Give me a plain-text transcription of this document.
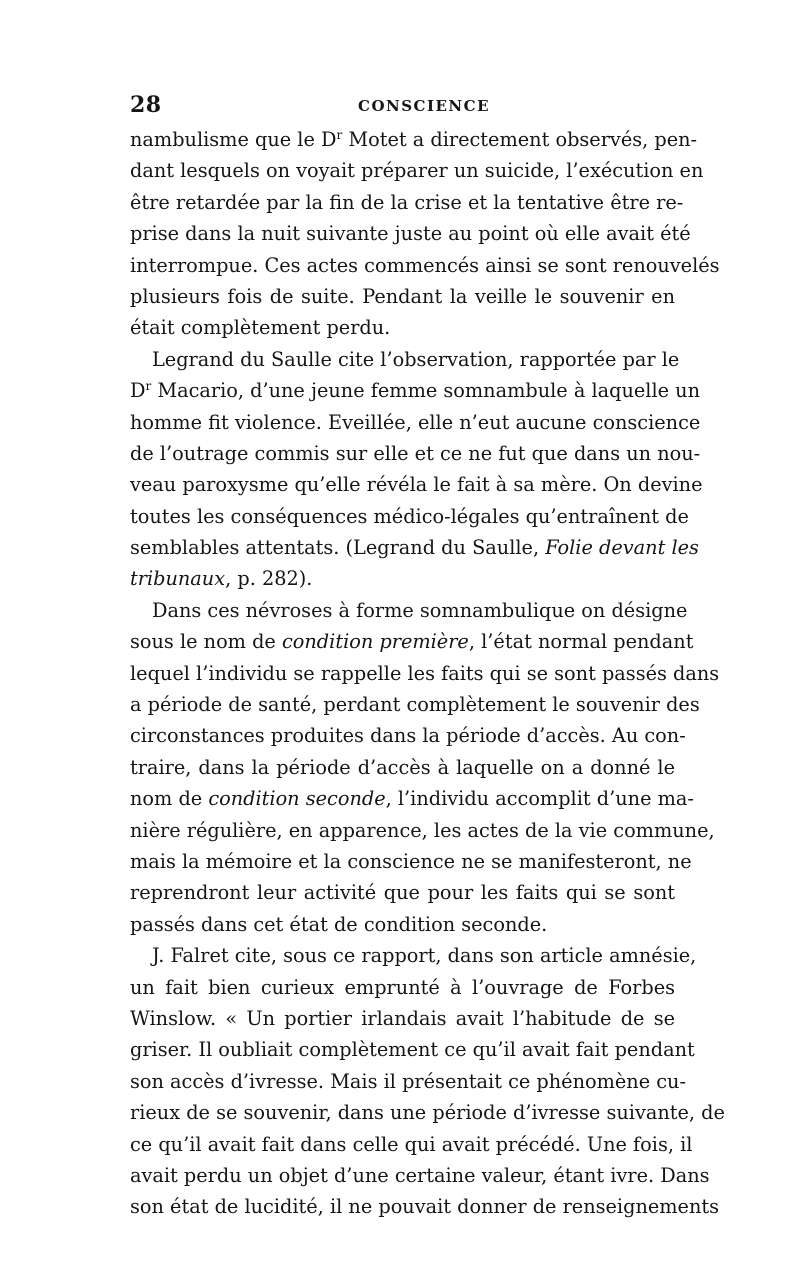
28	CONSCIENCE
nambulisme que le $D^r$ Motet a directement observés, pen-
dant lesquels on voyait préparer un suicide, l’exécution en
être retardée par la fin de la crise et la tentative être re-
prise dans la nuit suivante juste au point où elle avait été
interrompue. Ces actes commencés ainsi se sont renouvelés
plusieurs fois de suite. Pendant la veille le souvenir en
était complètement perdu.
Legrand du Saulle cite l’observation, rapportée par le
$D^r$ Macario, d’une jeune femme somnambule à laquelle un
homme fit violence. Eveillée, elle n’eut aucune conscience
de l’outrage commis sur elle et ce ne fut que dans un nou-
veau paroxysme qu’elle révéla le fait à sa mère. On devine
toutes les conséquences médico-légales qu’entraînent de
semblables attentats. (Legrand du Saulle, Folie devant les
tribunaux, p. 282).
Dans ces névroses à forme somnambulique on désigne
sous le nom de condition première, l’état normal pendant
lequel l’individu se rappelle les faits qui se sont passés dans
a période de santé, perdant complètement le souvenir des
circonstances produites dans la période d’accès. Au con-
traire, dans la période d’accès à laquelle on a donné le
nom de condition seconde, l’individu accomplit d’une ma-
nière régulière, en apparence, les actes de la vie commune,
mais la mémoire et la conscience ne se manifesteront, ne
reprendront leur activité que pour les faits qui se sont
passés dans cet état de condition seconde.
J. Falret cite, sous ce rapport, dans son article amnésie,
un fait bien curieux emprunté à l’ouvrage de Forbes
Winslow. « Un portier irlandais avait l’habitude de se
griser. Il oubliait complètement ce qu’il avait fait pendant
son accès d’ivresse. Mais il présentait ce phénomène cu-
rieux de se souvenir, dans une période d’ivresse suivante, de
ce qu’il avait fait dans celle qui avait précédé. Une fois, il
avait perdu un objet d’une certaine valeur, étant ivre. Dans
son état de lucidité, il ne pouvait donner de renseignements
